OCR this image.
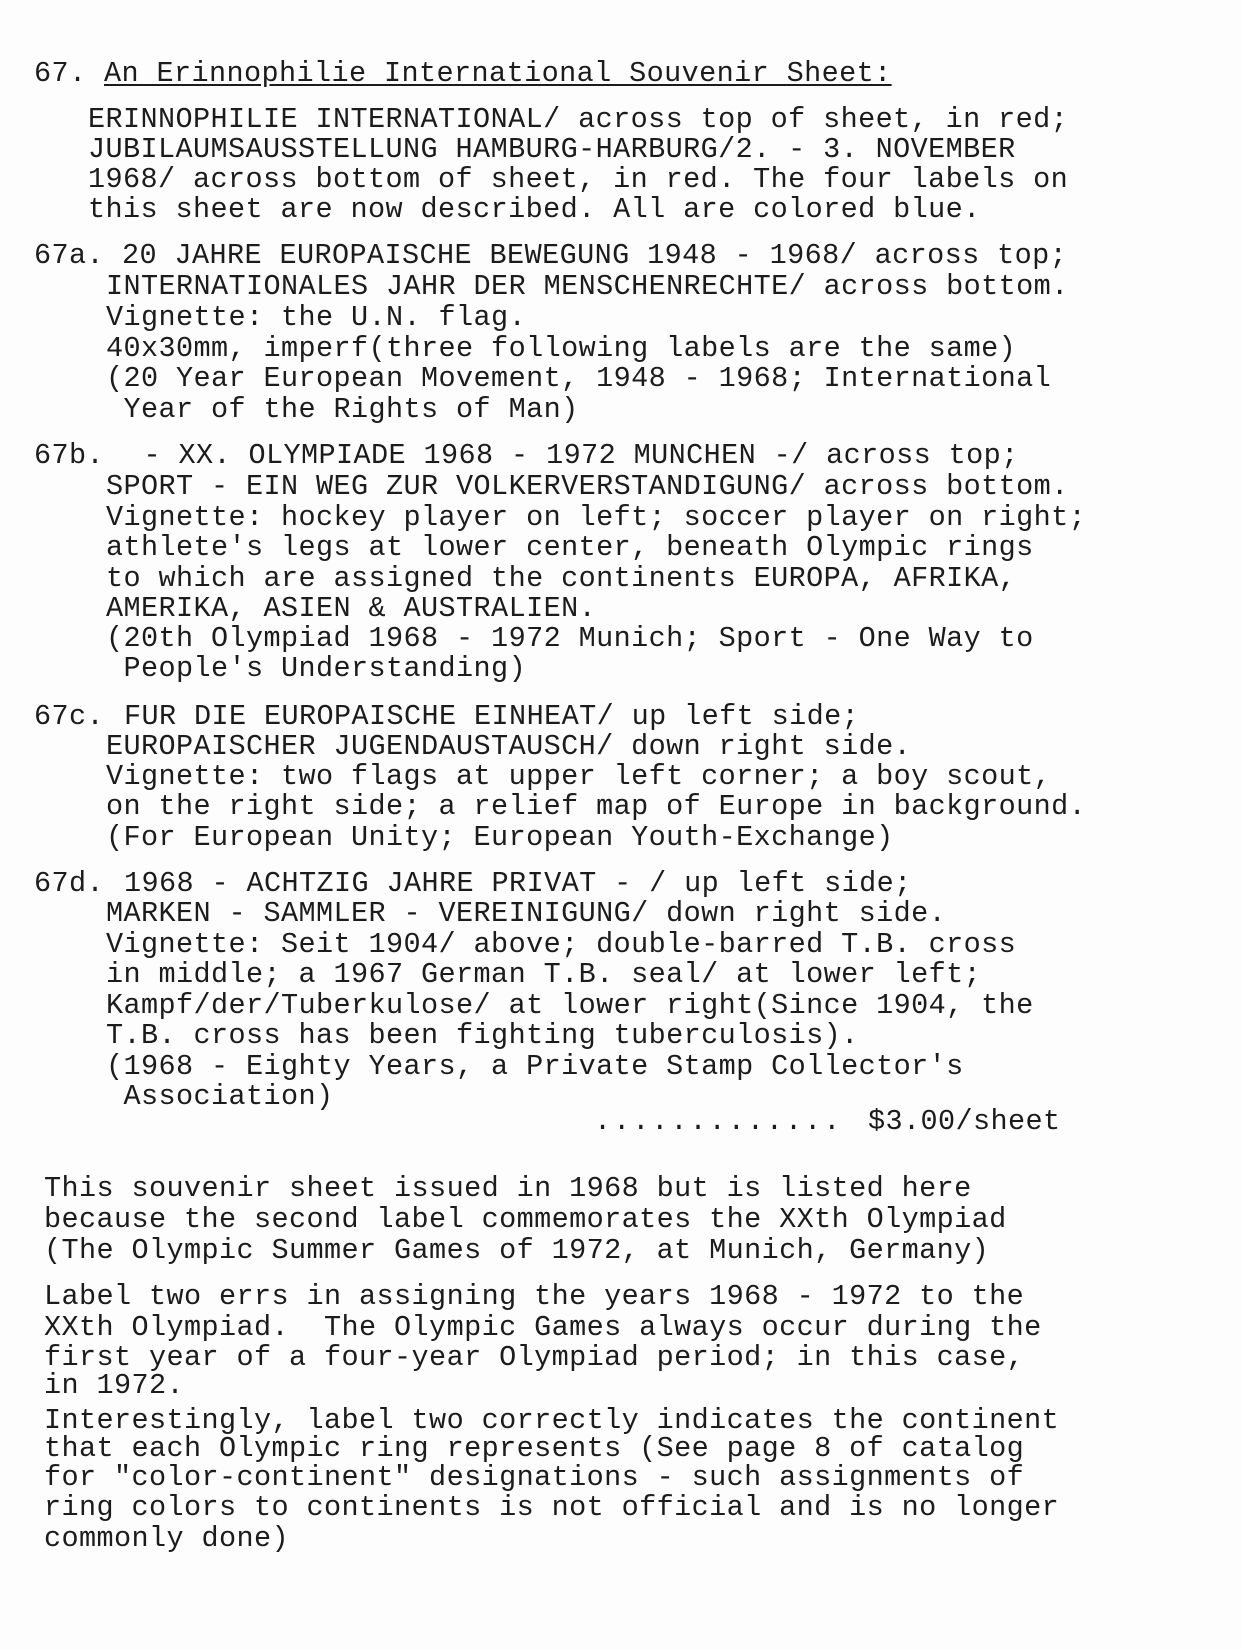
67. An Erinnophilie International Souvenir Sheet:
ERINNOPHILIE INTERNATIONAL/ across top of sheet, in red;
JUBILAUMSAUSSTELLUNG HAMBURG-HARBURG/2. - 3. NOVEMBER
1968/ across bottom of sheet, in red. The four labels on
this sheet are now described. All are colored blue.
67a. 20 JAHRE EUROPAISCHE BEWEGUNG 1948 - 1968/ across top;
INTERNATIONALES JAHR DER MENSCHENRECHTE/ across bottom.
Vignette: the U.N. flag.
40x30mm, imperf(three following labels are the same)
(20 Year European Movement, 1948 - 1968; International
Year of the Rights of Man)
67b. - XX. OLYMPIADE 1968 - 1972 MUNCHEN -/ across top;
SPORT - EIN WEG ZUR VOLKERVERSTANDIGUNG/ across bottom.
Vignette: hockey player on left; soccer player on right;
athlete's legs at lower center, beneath Olympic rings
to which are assigned the continents EUROPA, AFRIKA,
AMERIKA, ASIEN & AUSTRALIEN.
(20th Olympiad 1968 - 1972 Munich; Sport - One Way to
People's Understanding)
67c. FUR DIE EUROPAISCHE EINHEAT/ up left side;
EUROPAISCHER JUGENDAUSTAUSCH/ down right side.
Vignette: two flags at upper left corner; a boy scout,
on the right side; a relief map of Europe in background.
(For European Unity; European Youth-Exchange)
67d. 1968 - ACHTZIG JAHRE PRIVAT - / up left side;
MARKEN - SAMMLER - VEREINIGUNG/ down right side.
Vignette: Seit 1904/ above; double-barred T.B. cross
in middle; a 1967 German T.B. seal/ at lower left;
Kampf/der/Tuberkulose/ at lower right(Since 1904, the
T.B. cross has been fighting tuberculosis).
(1968 - Eighty Years, a Private Stamp Collector's
Association)
............. $3.00/sheet
This souvenir sheet issued in 1968 but is listed here
because the second label commemorates the XXth Olympiad
(The Olympic Summer Games of 1972, at Munich, Germany)
Label two errs in assigning the years 1968 - 1972 to the
XXth Olympiad.  The Olympic Games always occur during the
first year of a four-year Olympiad period; in this case,
in 1972.
Interestingly, label two correctly indicates the continent
that each Olympic ring represents (See page 8 of catalog
for "color-continent" designations - such assignments of
ring colors to continents is not official and is no longer
commonly done)
